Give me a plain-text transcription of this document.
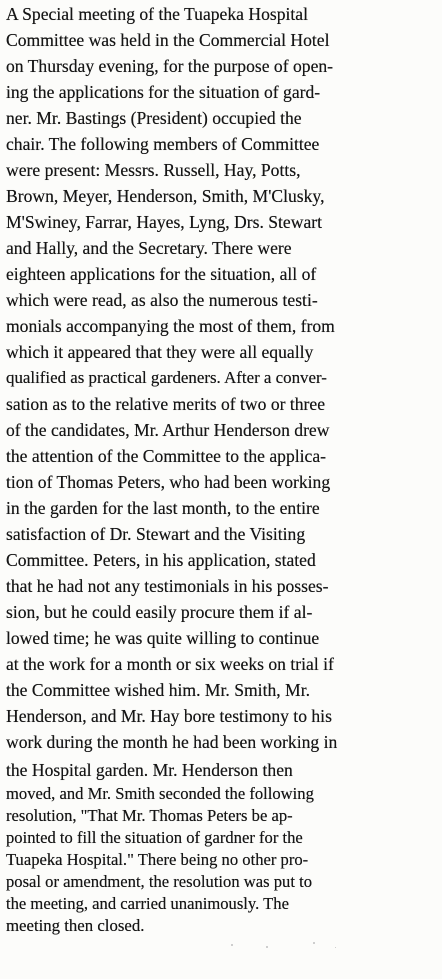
A Special meeting of the Tuapeka Hospital
Committee was held in the Commercial Hotel
on Thursday evening, for the purpose of open-
ing the applications for the situation of gard-
ner. Mr. Bastings (President) occupied the
chair. The following members of Committee
were present: Messrs. Russell, Hay, Potts,
Brown, Meyer, Henderson, Smith, M'Clusky,
M'Swiney, Farrar, Hayes, Lyng, Drs. Stewart
and Hally, and the Secretary. There were
eighteen applications for the situation, all of
which were read, as also the numerous testi-
monials accompanying the most of them, from
which it appeared that they were all equally
qualified as practical gardeners. After a conver-
sation as to the relative merits of two or three
of the candidates, Mr. Arthur Henderson drew
the attention of the Committee to the applica-
tion of Thomas Peters, who had been working
in the garden for the last month, to the entire
satisfaction of Dr. Stewart and the Visiting
Committee. Peters, in his application, stated
that he had not any testimonials in his posses-
sion, but he could easily procure them if al-
lowed time; he was quite willing to continue
at the work for a month or six weeks on trial if
the Committee wished him. Mr. Smith, Mr.
Henderson, and Mr. Hay bore testimony to his
work during the month he had been working in
the Hospital garden. Mr. Henderson then
moved, and Mr. Smith seconded the following
resolution, "That Mr. Thomas Peters be ap-
pointed to fill the situation of gardner for the
Tuapeka Hospital." There being no other pro-
posal or amendment, the resolution was put to
the meeting, and carried unanimously. The
meeting then closed.
